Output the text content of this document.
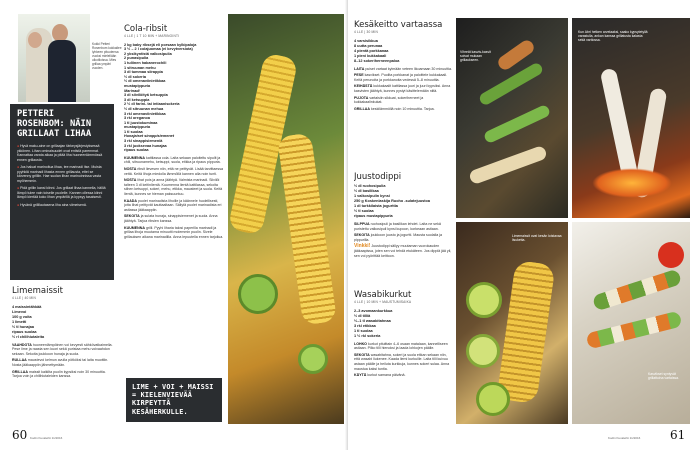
Kokki Petteri Rosenbom kokkailee lyhkeen pituutensa vuoksi mielellään ulkotiloissa. Mies grillaa ympäri vuoden.
PETTERI ROSENBOM: NÄIN GRILLAAT LIHAA
● Hyvä maku-aine on grillaajan tärkeysjärjestyksessä ykkönen. Lihan ominaisuudet ovat entistä paremmat. Kannattaa varata aikaa ja pitää liha huoneenlämmössä ennen grillausta.
● Jos haluat marinoitua lihaa, tee marinadi itse. Muista pyyhkiä marinadi lihasta ennen grillausta, ettei se kärvenny grilliin. Hae suolan lihan marinoinnissa vasta myöhemmin.
● Pidä grillin kansi kiinni. Jos grillaat lihaa kannella, hälliä lämpö tulee vain toiselle puolelle. Kannen ollessa kiinni lämpö kiertää koko lihan ympärillä ja kypsyy tasaisesti.
● Hyvänä grillilautasena liha aina viimeisenä.
Limemaissit
4 LLE | 40 MIN
4 maissintähkää
Limevoi
100 g voita
1 limetti
½ tl hunajaa
ripaus suolaa
½ rl chilihiutaleita

VAAHDOTA huoneenlämpöinen voi kevyesti sähkövatkaimella. Pese lime ja raasta sen kuori sekä puristaa mehu voivaahdon sekaan. Sekoita joukkoon hunaja ja suola.

RULLAA maustevoi kelmun avulla pötköksi tai laita muottiin. Nosta jääkaappiin jähmettymään.

GRILLAA maissit kaikilta puolin kypsiksi noin 30 minuuttia. Tarjoa voin ja chilihiutaleiden kanssa.

Cola-ribsit
4 LLE | 1 T 10 MIN + MARINOINTI
2 kg baby ribsejä eli porsaan kylkipaloja
3 ½ – 2 l colajuomaa (ei kevytversiota)
2 yksikyntistä valkosipulia
2 punasipulia
1 tuliinen habanerochili
1 sitruunan mehu
3 dl tummaa siirappia
½ dl sokeria
½ dl omenaviinietikkaa
mustapippuria
Marinadi
3 dl siivilöityä ketsuppia
3 dl ketsuppia
2 ½ dl farini- tai intiaanisokeria
½ dl sitruunan mehua
3 rkl omenaviinietikkaa
3 rkl oreganoa
1 tl juustokuminaa
mustapippuria
1 tl suolaa
Hunajaiset sinappisiemenet
3 rkl sinappisiemeniä
3 rkl juoksevaa hunajaa
ripaus suolaa

KUUMENNA kattilassa cola. Laita sekaan paloiteltu sipulit ja chili, sitruunamehu, ketsuppi, suola, etikka ja ripaus pippuria.

NOSTA ribsit lievesen niin, että ne peittyvät. Lisää tarvittaessa vettä. Keitä lihoja miedolla lämmöllä kannen alla noin tunti.

NOSTA lihat pois ja anna jäähtyä. Valmista marinadi. Siivilöi talteen 3 dl keitinlientä. Kuumenna lientä kattilassa, sekoita siihen ketsuppi, sokeri, mehu, etikka, mausteet ja suola. Keitä lientä, kunnes se hieman paksuuntuu.

KAADA puolet marinadista lihoille ja käännele huolellisesti, jotta lihat peittyvät kauttaaltaan. Säilytä puolet marinadista eri astiassa jääkaappiin.

SEKOITA ja sulata hunaja, sinappisiemenet ja suola. Anna jäähtyä. Tarjoa ribsien kanssa.

KUUMENNA grilli. Pyyhi liharia talosi paperilla marinadi ja grillaa lihoja muutama minuutti molemmin puolin. Sivele grillauksen aikana marinadilla. Anna lepuutella ennen tarjoilua.

LIME + VOI + MAISSI = KIELENVIEVÄÄ KIRPEYTTÄ KESÄHERKULLE.
60 Kodin Kuvalehti 11/2016
Kesäkeitto vartaassa
4 LLE | 30 MIN
4 varsisikkua
8 uutta perunaa
4 pientä porkkanaa
1 pieni kukkakaali
8–12 sokeriherneenpaloa

LAITA puiset vartaat kylmään veteen likoamaan 30 minuuttia.

PESE kasvikset. Puolita porkkanat ja paloittele kukkakaali. Keitä perunoita ja porkkanoita vedessä 5–8 minuuttia.

KEIHÄSTÄ kukkakaalit kattilassa juuri ja juuri kypsiksi. Anna kasvisten jäähtyä, kunnes pystyt käsittelemään niitä.

PUJOTA vartaisiin sikkuat, sokeriherneet ja kukkakaalinkukat.

GRILLAA keskilämmöllä noin 10 minuuttia. Tarjoa.

Juustodippi
½ dl ruohosipulia
½ dl basilikaa
1 valkosipulin kynsi
250 g Koskenlaskija Ruoho -sulatejuustoa
1 dl turkkilaista jogurttia
½ tl suolaa
ripaus mustapippuria

SILPPUA ruohosipuli ja basilikan lehdet. Laita ne sekä puristettu valkosipuli kynsi kupoon, korkeaan astiaan.

SEKOITA joukkoon juusto ja jogurtti. Mausta suolalla ja pippurilla.

Vinkki! Juustodippi sällyy muutaman vuorokauden jääkaapissa, joten sen voi tehdä etukäteen. Jos dippiä jää yli, sen voi pyörittää keittoon.

Wasabikurkut
4 LLE | 10 MIN + MAUSTUMISAIKA
2–3 avomaankurkkua
½ dl tilliä
½–1 tl wasabitahnaa
3 rkl etikkaa
1 tl suolaa
1 ½ rkl sokeria

LOHKO kurkut pituittain 4–6 osaan matalaan, kannelliseen astiaan. Pilko tilli hienoksi ja laada lohkojen päälle.

SEKOITA wasabitahna, sokeri ja suola etikan sekaan niin, että wasabi liukenee. Kaada liemi kurkuille. Laita tilli kuivuu astaan päälle ja heiluta kurkkuja, kunnes sokeri sulaa. Anna maustua kaksi tuntia.

KÄYTÄ kurkut samana päivänä.

Vihreät kasvis-kasvit soivat mukaan grillaukseen.
Kun Abri hetken arvelaaksi, saako kypsytetyllä varastulla, ankan kanssa grillatusta kalasta sekä vartiossa.
Limemaissit ovat kesän loistavaa lisuketta.
Kasvikset syntyvät grillattuina vartaissa.
Kodin Kuvalehti 11/2016 61
